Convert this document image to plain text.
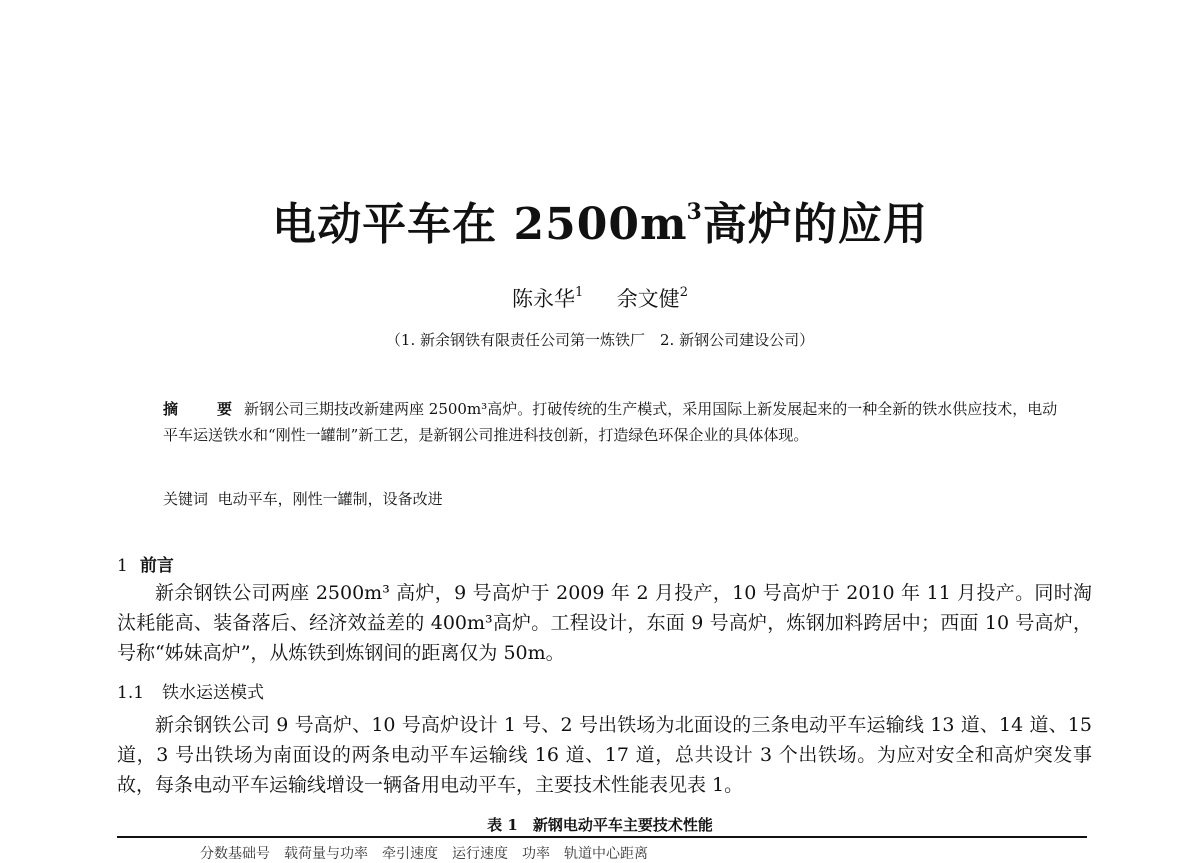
电动平车在 $2500m^3$高炉的应用
陈永华$^1$ 余文健$^2$
（1. 新余钢铁有限责任公司第一炼铁厂　2. 新钢公司建设公司）
摘　要新钢公司三期技改新建两座 2500m³高炉。打破传统的生产模式，采用国际上新发展起来的一种全新的铁水供应技术，电动平车运送铁水和“刚性一罐制”新工艺，是新钢公司推进科技创新，打造绿色环保企业的具体体现。
关键词 电动平车，刚性一罐制，设备改进
1 前言
新余钢铁公司两座 2500m³ 高炉，9 号高炉于 2009 年 2 月投产，10 号高炉于 2010 年 11 月投产。同时淘汰耗能高、装备落后、经济效益差的 400m³高炉。工程设计，东面 9 号高炉，炼钢加料跨居中；西面 10 号高炉，号称“姊妹高炉”，从炼铁到炼钢间的距离仅为 50m。
1.1 铁水运送模式
新余钢铁公司 9 号高炉、10 号高炉设计 1 号、2 号出铁场为北面设的三条电动平车运输线 13 道、14 道、15 道，3 号出铁场为南面设的两条电动平车运输线 16 道、17 道，总共设计 3 个出铁场。为应对安全和高炉突发事故，每条电动平车运输线增设一辆备用电动平车，主要技术性能表见表 1。
表 1　新钢电动平车主要技术性能
分数基础号　载荷量与功率　牵引速度　运行速度　功率　轨道中心距离
